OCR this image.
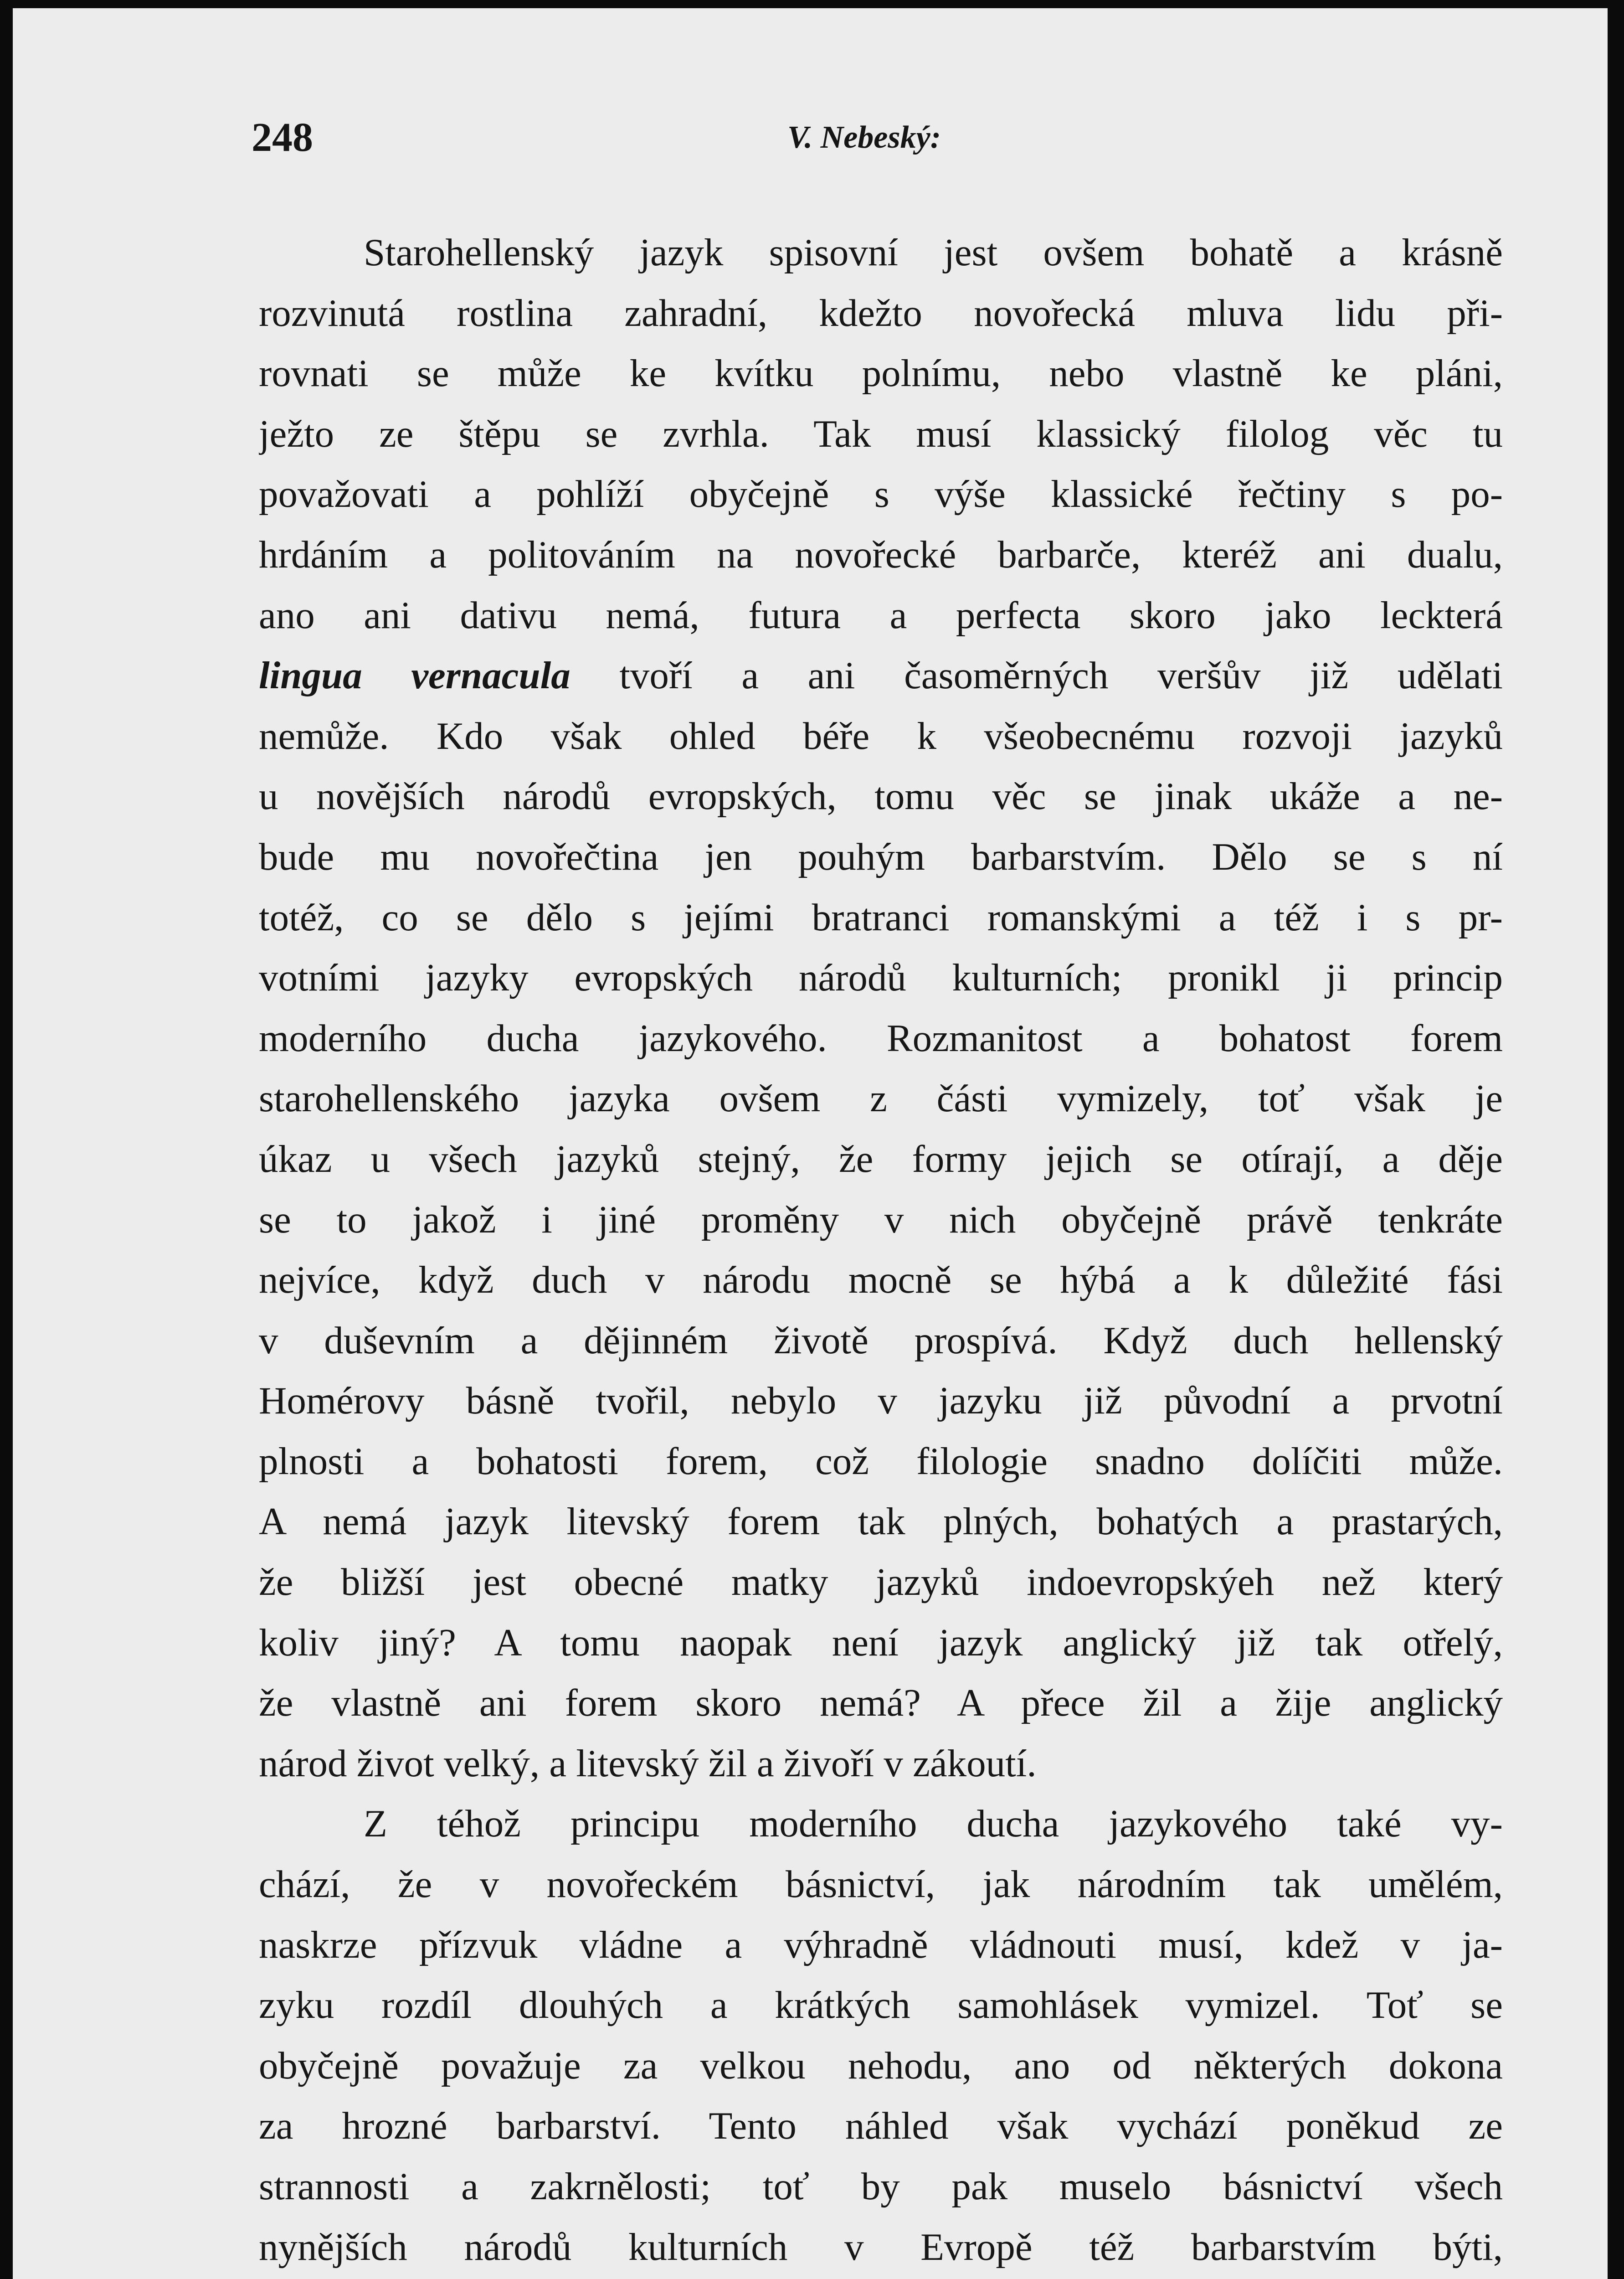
248	V. Nebeský:
Starohellenský jazyk spisovní jest ovšem bohatě a krásně
rozvinutá rostlina zahradní, kdežto novořecká mluva lidu při-
rovnati se může ke kvítku polnímu, nebo vlastně ke pláni,
ježto ze štěpu se zvrhla. Tak musí klassický filolog věc tu
považovati a pohlíží obyčejně s výše klassické řečtiny s po-
hrdáním a politováním na novořecké barbarče, kteréž ani dualu,
ano ani dativu nemá, futura a perfecta skoro jako leckterá
lingua vernacula tvoří a ani časoměrných veršův již udělati
nemůže. Kdo však ohled béře k všeobecnému rozvoji jazyků
u novějších národů evropských, tomu věc se jinak ukáže a ne-
bude mu novořečtina jen pouhým barbarstvím. Dělo se s ní
totéž, co se dělo s jejími bratranci romanskými a též i s pr-
votními jazyky evropských národů kulturních; pronikl ji princip
moderního ducha jazykového. Rozmanitost a bohatost forem
starohellenského jazyka ovšem z části vymizely, toť však je
úkaz u všech jazyků stejný, že formy jejich se otírají, a děje
se to jakož i jiné proměny v nich obyčejně právě tenkráte
nejvíce, když duch v národu mocně se hýbá a k důležité fási
v duševním a dějinném životě prospívá. Když duch hellenský
Homérovy básně tvořil, nebylo v jazyku již původní a prvotní
plnosti a bohatosti forem, což filologie snadno dolíčiti může.
A nemá jazyk litevský forem tak plných, bohatých a prastarých,
že bližší jest obecné matky jazyků indoevropskýeh než který
koliv jiný? A tomu naopak není jazyk anglický již tak otřelý,
že vlastně ani forem skoro nemá? A přece žil a žije anglický
národ život velký, a litevský žil a živoří v zákoutí.
Z téhož principu moderního ducha jazykového také vy-
chází, že v novořeckém básnictví, jak národním tak umělém,
naskrze přízvuk vládne a výhradně vládnouti musí, kdež v ja-
zyku rozdíl dlouhých a krátkých samohlásek vymizel. Toť se
obyčejně považuje za velkou nehodu, ano od některých dokona
za hrozné barbarství. Tento náhled však vychází poněkud ze
strannosti a zakrnělosti; toť by pak muselo básnictví všech
nynějších národů kulturních v Evropě též barbarstvím býti,
